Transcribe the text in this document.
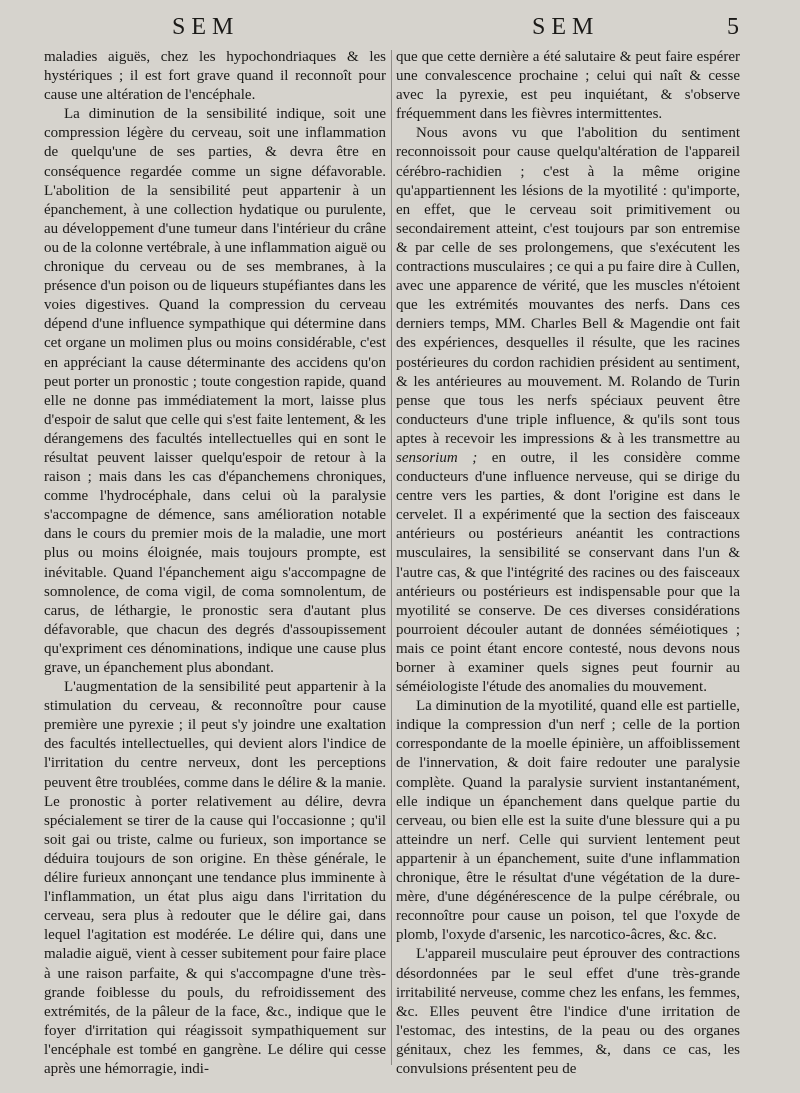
SEM	SEM	5

maladies aiguës, chez les hypochondriaques & les hystériques ; il est fort grave quand il reconnoît pour cause une altération de l'encéphale.

La diminution de la sensibilité indique, soit une compression légère du cerveau, soit une inflammation de quelqu'une de ses parties, & devra être en conséquence regardée comme un signe défavorable. L'abolition de la sensibilité peut appartenir à un épanchement, à une collection hydatique ou purulente, au développement d'une tumeur dans l'intérieur du crâne ou de la colonne vertébrale, à une inflammation aiguë ou chronique du cerveau ou de ses membranes, à la présence d'un poison ou de liqueurs stupéfiantes dans les voies digestives. Quand la compression du cerveau dépend d'une influence sympathique qui détermine dans cet organe un molimen plus ou moins considérable, c'est en appréciant la cause déterminante des accidens qu'on peut porter un pronostic ; toute congestion rapide, quand elle ne donne pas immédiatement la mort, laisse plus d'espoir de salut que celle qui s'est faite lentement, & les dérangemens des facultés intellectuelles qui en sont le résultat peuvent laisser quelqu'espoir de retour à la raison ; mais dans les cas d'épanchemens chroniques, comme l'hydrocéphale, dans celui où la paralysie s'accompagne de démence, sans amélioration notable dans le cours du premier mois de la maladie, une mort plus ou moins éloignée, mais toujours prompte, est inévitable. Quand l'épanchement aigu s'accompagne de somnolence, de coma vigil, de coma somnolentum, de carus, de léthargie, le pronostic sera d'autant plus défavorable, que chacun des degrés d'assoupissement qu'expriment ces dénominations, indique une cause plus grave, un épanchement plus abondant.

L'augmentation de la sensibilité peut appartenir à la stimulation du cerveau, & reconnoître pour cause première une pyrexie ; il peut s'y joindre une exaltation des facultés intellectuelles, qui devient alors l'indice de l'irritation du centre nerveux, dont les perceptions peuvent être troublées, comme dans le délire & la manie. Le pronostic à porter relativement au délire, devra spécialement se tirer de la cause qui l'occasionne ; qu'il soit gai ou triste, calme ou furieux, son importance se déduira toujours de son origine. En thèse générale, le délire furieux annonçant une tendance plus imminente à l'inflammation, un état plus aigu dans l'irritation du cerveau, sera plus à redouter que le délire gai, dans lequel l'agitation est modérée. Le délire qui, dans une maladie aiguë, vient à cesser subitement pour faire place à une raison parfaite, & qui s'accompagne d'une très-grande foiblesse du pouls, du refroidissement des extrémités, de la pâleur de la face, &c., indique que le foyer d'irritation qui réagissoit sympathiquement sur l'encéphale est tombé en gangrène. Le délire qui cesse après une hémorragie, indi-

que que cette dernière a été salutaire & peut faire espérer une convalescence prochaine ; celui qui naît & cesse avec la pyrexie, est peu inquiétant, & s'observe fréquemment dans les fièvres intermittentes.

Nous avons vu que l'abolition du sentiment reconnoissoit pour cause quelqu'altération de l'appareil cérébro-rachidien ; c'est à la même origine qu'appartiennent les lésions de la myotilité : qu'importe, en effet, que le cerveau soit primitivement ou secondairement atteint, c'est toujours par son entremise & par celle de ses prolongemens, que s'exécutent les contractions musculaires ; ce qui a pu faire dire à Cullen, avec une apparence de vérité, que les muscles n'étoient que les extrémités mouvantes des nerfs. Dans ces derniers temps, MM. Charles Bell & Magendie ont fait des expériences, desquelles il résulte, que les racines postérieures du cordon rachidien président au sentiment, & les antérieures au mouvement. M. Rolando de Turin pense que tous les nerfs spéciaux peuvent être conducteurs d'une triple influence, & qu'ils sont tous aptes à recevoir les impressions & à les transmettre au sensorium ; en outre, il les considère comme conducteurs d'une influence nerveuse, qui se dirige du centre vers les parties, & dont l'origine est dans le cervelet. Il a expérimenté que la section des faisceaux antérieurs ou postérieurs anéantit les contractions musculaires, la sensibilité se conservant dans l'un & l'autre cas, & que l'intégrité des racines ou des faisceaux antérieurs ou postérieurs est indispensable pour que la myotilité se conserve. De ces diverses considérations pourroient découler autant de données séméiotiques ; mais ce point étant encore contesté, nous devons nous borner à examiner quels signes peut fournir au séméiologiste l'étude des anomalies du mouvement.

La diminution de la myotilité, quand elle est partielle, indique la compression d'un nerf ; celle de la portion correspondante de la moelle épinière, un affoiblissement de l'innervation, & doit faire redouter une paralysie complète. Quand la paralysie survient instantanément, elle indique un épanchement dans quelque partie du cerveau, ou bien elle est la suite d'une blessure qui a pu atteindre un nerf. Celle qui survient lentement peut appartenir à un épanchement, suite d'une inflammation chronique, être le résultat d'une végétation de la dure-mère, d'une dégénérescence de la pulpe cérébrale, ou reconnoître pour cause un poison, tel que l'oxyde de plomb, l'oxyde d'arsenic, les narcotico-âcres, &c. &c.

L'appareil musculaire peut éprouver des contractions désordonnées par le seul effet d'une très-grande irritabilité nerveuse, comme chez les enfans, les femmes, &c. Elles peuvent être l'indice d'une irritation de l'estomac, des intestins, de la peau ou des organes génitaux, chez les femmes, &, dans ce cas, les convulsions présentent peu de
